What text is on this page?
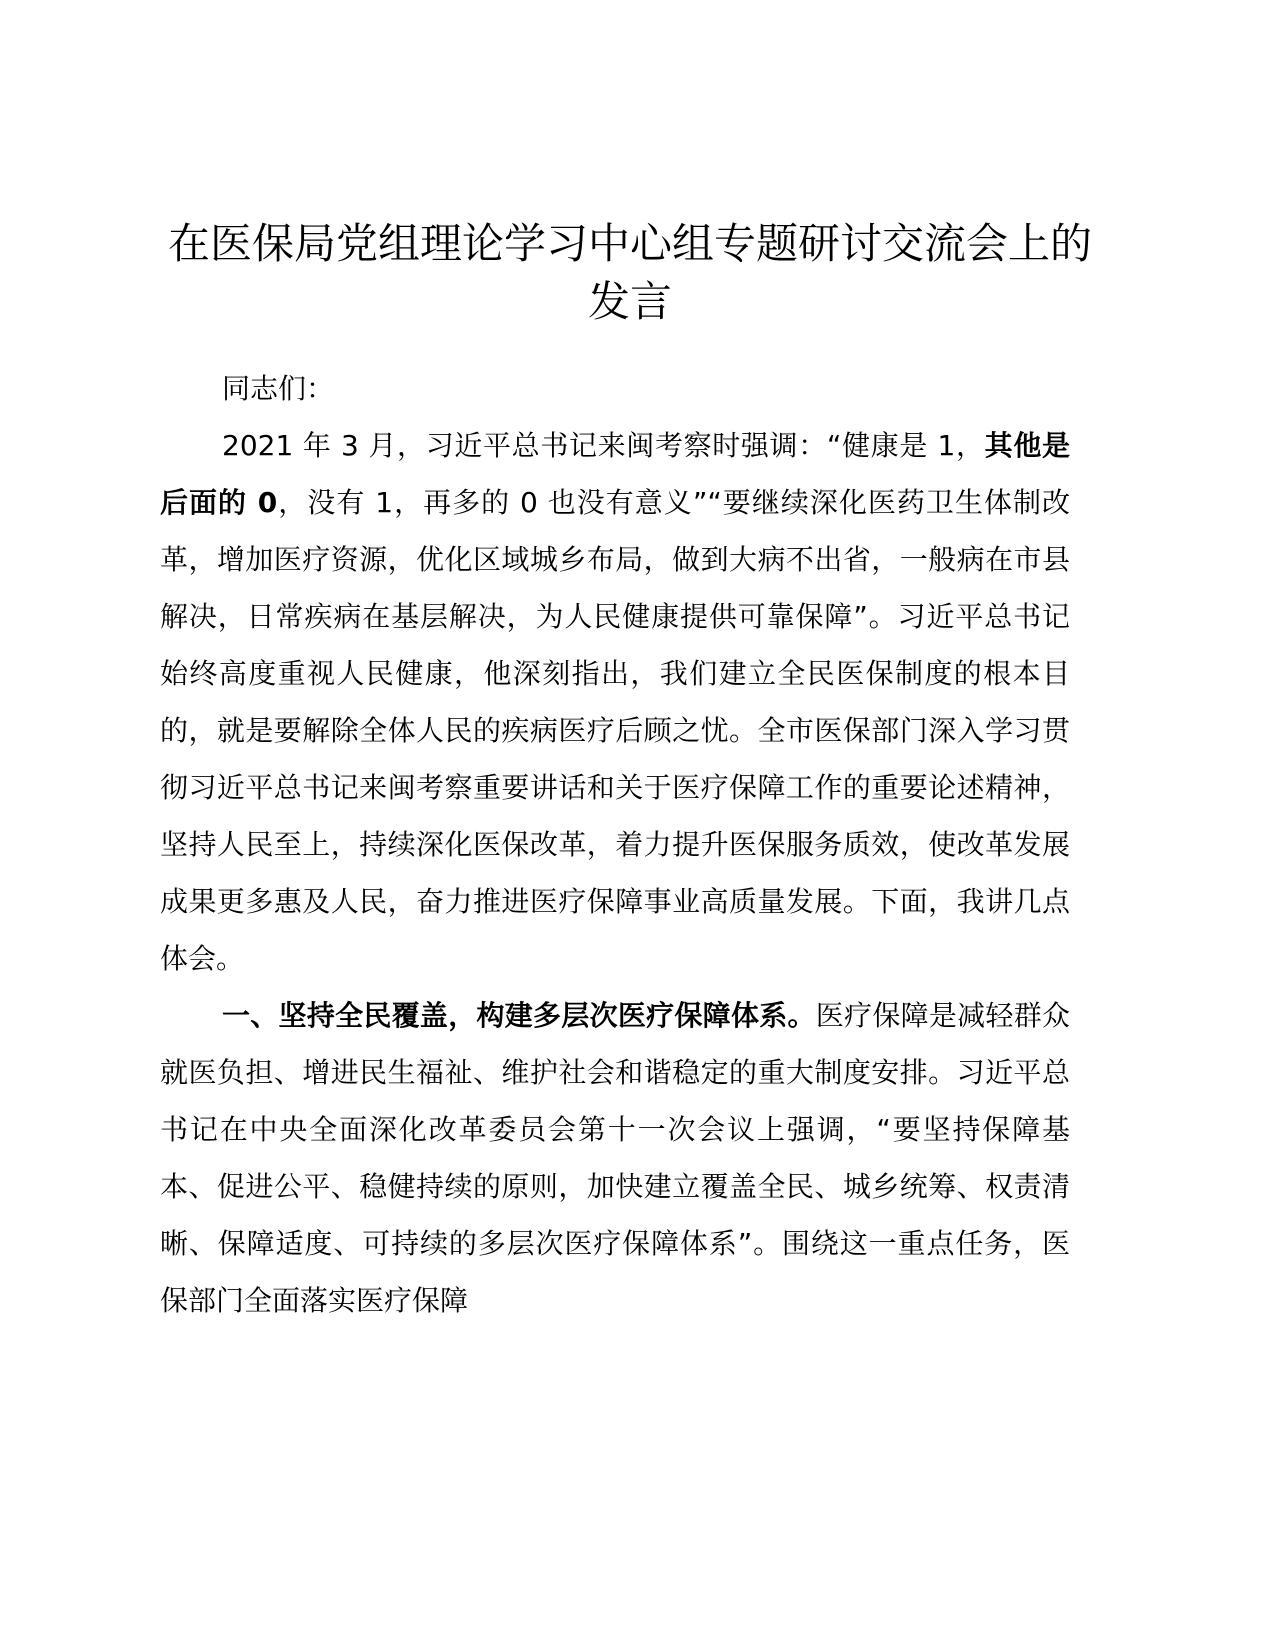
在医保局党组理论学习中心组专题研讨交流会上的发言

同志们：

2021 年 3 月，习近平总书记来闽考察时强调：“健康是 1，其他是后面的 0，没有 1，再多的 0 也没有意义”“要继续深化医药卫生体制改革，增加医疗资源，优化区域城乡布局，做到大病不出省，一般病在市县解决，日常疾病在基层解决，为人民健康提供可靠保障”。习近平总书记始终高度重视人民健康，他深刻指出，我们建立全民医保制度的根本目的，就是要解除全体人民的疾病医疗后顾之忧。全市医保部门深入学习贯彻习近平总书记来闽考察重要讲话和关于医疗保障工作的重要论述精神，坚持人民至上，持续深化医保改革，着力提升医保服务质效，使改革发展成果更多惠及人民，奋力推进医疗保障事业高质量发展。下面，我讲几点体会。

一、坚持全民覆盖，构建多层次医疗保障体系。医疗保障是减轻群众就医负担、增进民生福祉、维护社会和谐稳定的重大制度安排。习近平总书记在中央全面深化改革委员会第十一次会议上强调，“要坚持保障基本、促进公平、稳健持续的原则，加快建立覆盖全民、城乡统筹、权责清晰、保障适度、可持续的多层次医疗保障体系”。围绕这一重点任务，医保部门全面落实医疗保障
